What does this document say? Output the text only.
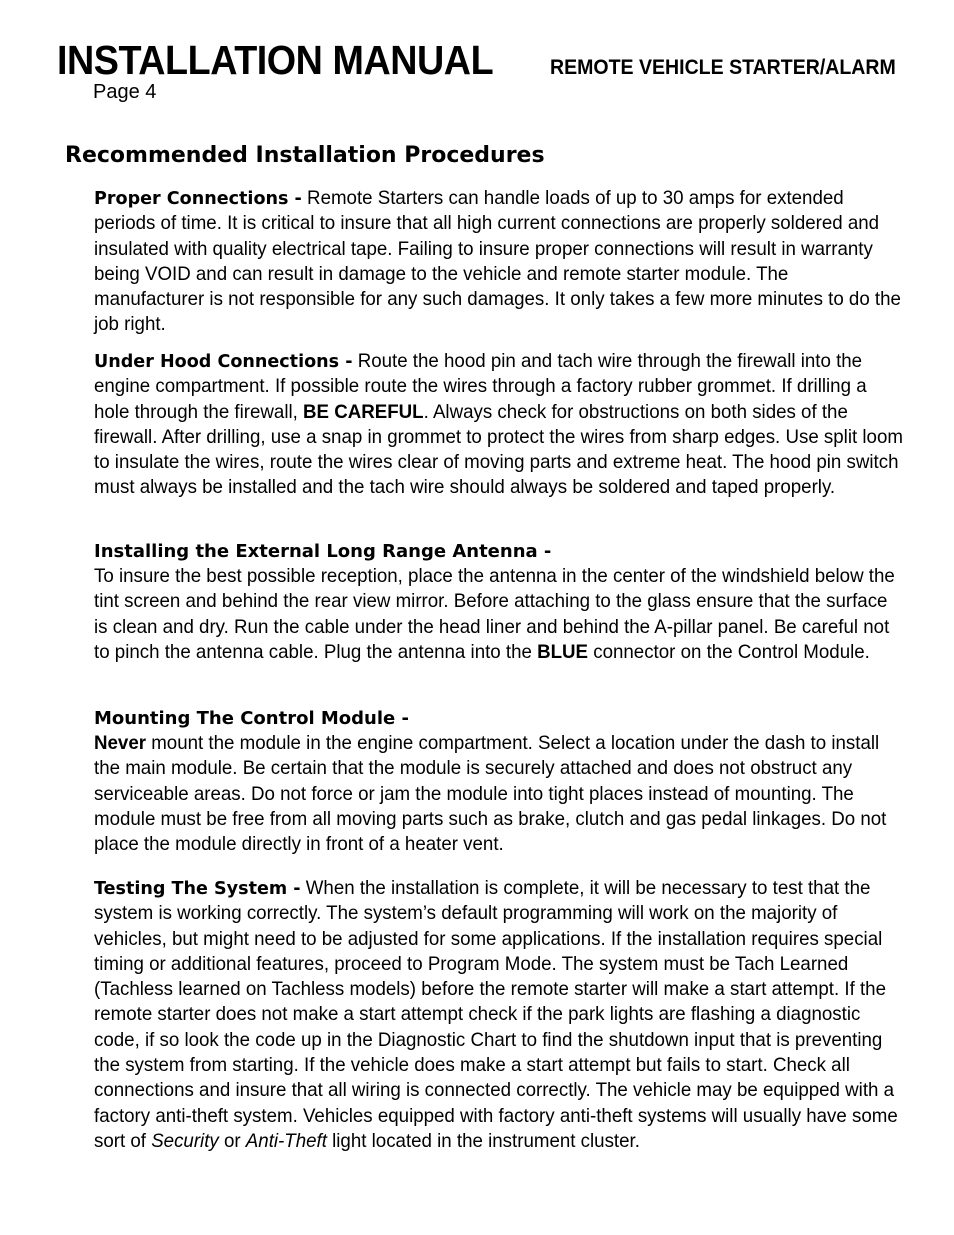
INSTALLATION MANUAL	REMOTE VEHICLE STARTER/ALARM
Page 4
Recommended Installation Procedures

Proper Connections - Remote Starters can handle loads of up to 30 amps for extended periods of time. It is critical to insure that all high current connections are properly soldered and insulated with quality electrical tape. Failing to insure proper connections will result in warranty being VOID and can result in damage to the vehicle and remote starter module. The manufacturer is not responsible for any such damages. It only takes a few more minutes to do the job right.

Under Hood Connections - Route the hood pin and tach wire through the firewall into the engine compartment. If possible route the wires through a factory rubber grommet. If drilling a hole through the firewall, BE CAREFUL. Always check for obstructions on both sides of the firewall. After drilling, use a snap in grommet to protect the wires from sharp edges. Use split loom to insulate the wires, route the wires clear of moving parts and extreme heat. The hood pin switch must always be installed and the tach wire should always be soldered and taped properly.

Installing the External Long Range Antenna -

To insure the best possible reception, place the antenna in the center of the windshield below the tint screen and behind the rear view mirror. Before attaching to the glass ensure that the surface is clean and dry. Run the cable under the head liner and behind the A-pillar panel. Be careful not to pinch the antenna cable. Plug the antenna into the BLUE connector on the Control Module.

Mounting The Control Module -

Never mount the module in the engine compartment. Select a location under the dash to install the main module. Be certain that the module is securely attached and does not obstruct any serviceable areas. Do not force or jam the module into tight places instead of mounting. The module must be free from all moving parts such as brake, clutch and gas pedal linkages. Do not place the module directly in front of a heater vent.

Testing The System - When the installation is complete, it will be necessary to test that the system is working correctly. The system’s default programming will work on the majority of vehicles, but might need to be adjusted for some applications. If the installation requires special timing or additional features, proceed to Program Mode. The system must be Tach Learned (Tachless learned on Tachless models) before the remote starter will make a start attempt. If the remote starter does not make a start attempt check if the park lights are flashing a diagnostic code, if so look the code up in the Diagnostic Chart to find the shutdown input that is preventing the system from starting. If the vehicle does make a start attempt but fails to start. Check all connections and insure that all wiring is connected correctly. The vehicle may be equipped with a factory anti-theft system. Vehicles equipped with factory anti-theft systems will usually have some sort of Security or Anti-Theft light located in the instrument cluster.
